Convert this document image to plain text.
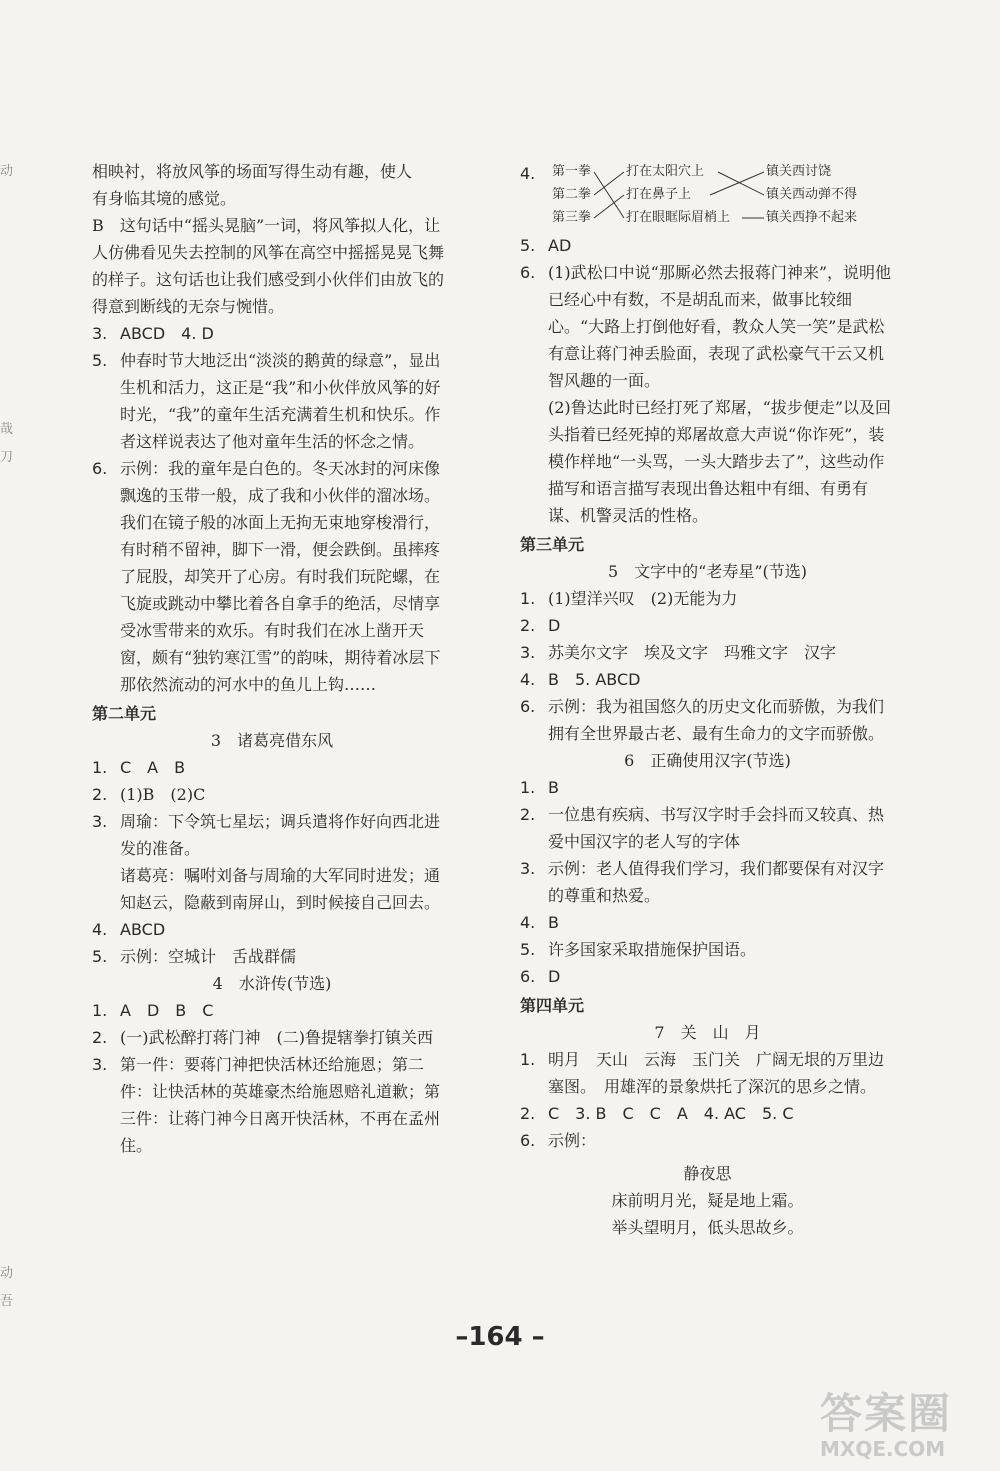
相映衬，将放风筝的场面写得生动有趣，使人

有身临其境的感觉。

B　这句话中“摇头晃脑”一词，将风筝拟人化，让人仿佛看见失去控制的风筝在高空中摇摇晃晃飞舞的样子。这句话也让我们感受到小伙伴们由放飞的得意到断线的无奈与惋惜。

3. ABCD　4. D
5. 仲春时节大地泛出“淡淡的鹅黄的绿意”，显出生机和活力，这正是“我”和小伙伴放风筝的好时光，“我”的童年生活充满着生机和快乐。作者这样说表达了他对童年生活的怀念之情。
6. 示例：我的童年是白色的。冬天冰封的河床像飘逸的玉带一般，成了我和小伙伴的溜冰场。我们在镜子般的冰面上无拘无束地穿梭滑行，有时稍不留神，脚下一滑，便会跌倒。虽摔疼了屁股，却笑开了心房。有时我们玩陀螺，在飞旋或跳动中攀比着各自拿手的绝活，尽情享受冰雪带来的欢乐。有时我们在冰上凿开天窗，颇有“独钓寒江雪”的韵味，期待着冰层下那依然流动的河水中的鱼儿上钩……

第二单元

3　诸葛亮借东风

1. C　A　B
2. (1)B　(2)C
3. 周瑜：下令筑七星坛；调兵遣将作好向西北进发的准备。

诸葛亮：嘱咐刘备与周瑜的大军同时进发；通知赵云，隐蔽到南屏山，到时候接自己回去。

4. ABCD
5. 示例：空城计　舌战群儒

4　水浒传(节选)

1. A　D　B　C
2. (一)武松醉打蒋门神　(二)鲁提辖拳打镇关西
3. 第一件：要蒋门神把快活林还给施恩；第二件：让快活林的英雄豪杰给施恩赔礼道歉；第三件：让蒋门神今日离开快活林，不再在孟州住。
4. 第一拳
第二拳
第三拳
打在太阳穴上
打在鼻子上
打在眼眶际眉梢上
镇关西讨饶
镇关西动弹不得
镇关西挣不起来
5. AD
6. (1)武松口中说“那厮必然去报蒋门神来”，说明他已经心中有数，不是胡乱而来，做事比较细心。“大路上打倒他好看，教众人笑一笑”是武松有意让蒋门神丢脸面，表现了武松豪气干云又机智风趣的一面。

(2)鲁达此时已经打死了郑屠，“拔步便走”以及回头指着已经死掉的郑屠故意大声说“你诈死”，装模作样地“一头骂，一头大踏步去了”，这些动作描写和语言描写表现出鲁达粗中有细、有勇有谋、机警灵活的性格。

第三单元

5　文字中的“老寿星”(节选)

1. (1)望洋兴叹　(2)无能为力
2. D
3. 苏美尔文字　埃及文字　玛雅文字　汉字
4. B　5. ABCD
6. 示例：我为祖国悠久的历史文化而骄傲，为我们拥有全世界最古老、最有生命力的文字而骄傲。

6　正确使用汉字(节选)

1. B
2. 一位患有疾病、书写汉字时手会抖而又较真、热爱中国汉字的老人写的字体
3. 示例：老人值得我们学习，我们都要保有对汉字的尊重和热爱。
4. B
5. 许多国家采取措施保护国语。
6. D

第四单元

7　关　山　月

1. 明月　天山　云海　玉门关　广阔无垠的万里边塞图。　用雄浑的景象烘托了深沉的思乡之情。
2. C　3. B　C　C　A　4. AC　5. C
6. 示例：

静夜思

床前明月光，疑是地上霜。

举头望明月，低头思故乡。

–164 –
动
哉
刀
动
吾
答案圈
MXQE.COM
